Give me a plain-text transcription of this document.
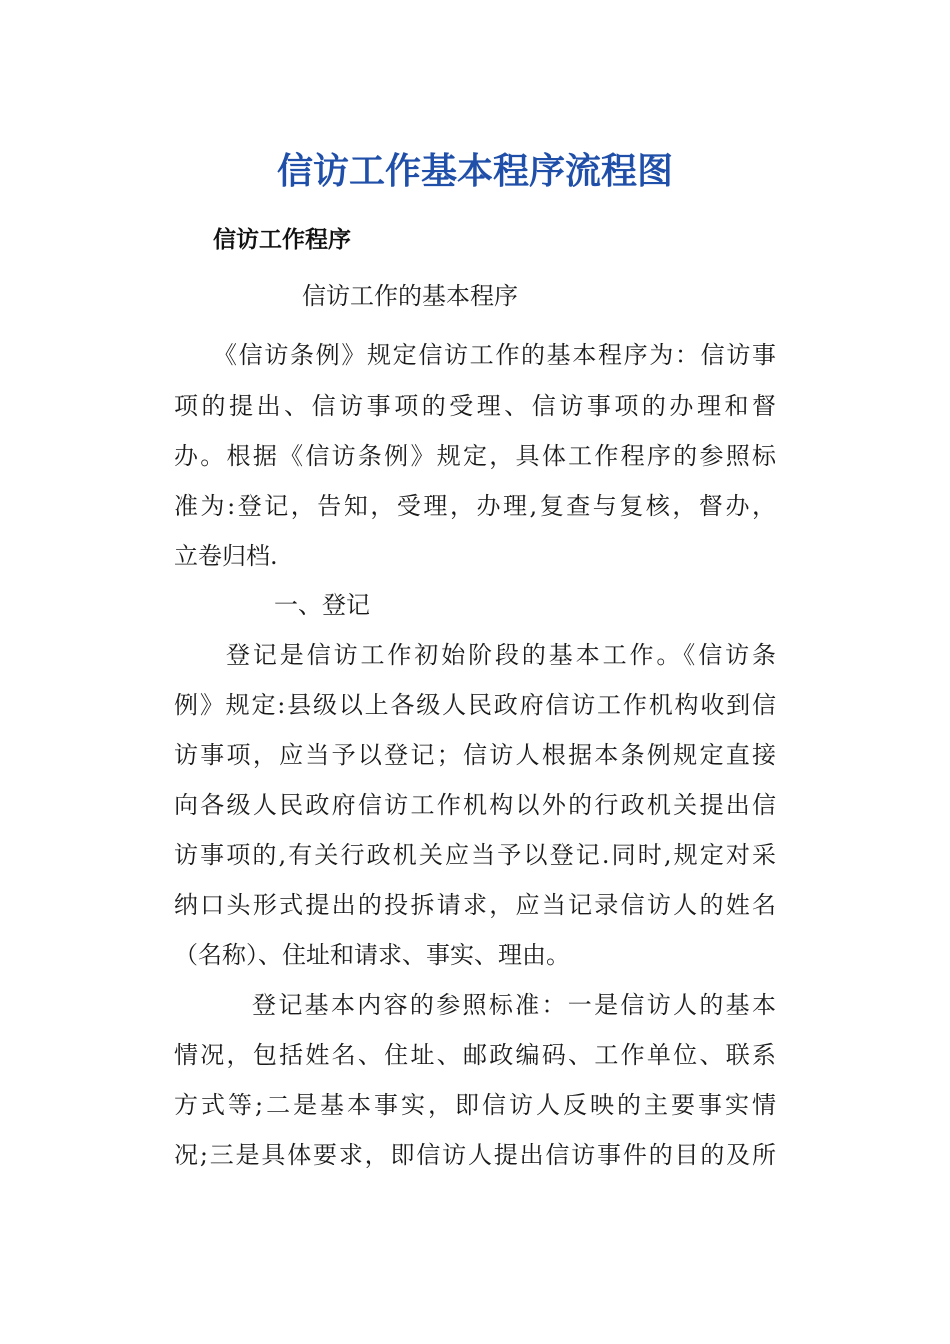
信访工作基本程序流程图
信访工作程序

信访工作的基本程序

《信访条例》规定信访工作的基本程序为：信访事

项的提出、信访事项的受理、信访事项的办理和督

办。根据《信访条例》规定，具体工作程序的参照标

准为:登记，告知，受理，办理,复查与复核，督办，

立卷归档.

一、登记

登记是信访工作初始阶段的基本工作。《信访条

例》规定:县级以上各级人民政府信访工作机构收到信

访事项，应当予以登记；信访人根据本条例规定直接

向各级人民政府信访工作机构以外的行政机关提出信

访事项的,有关行政机关应当予以登记.同时,规定对采

纳口头形式提出的投拆请求，应当记录信访人的姓名

（名称）、住址和请求、事实、理由。

登记基本内容的参照标准：一是信访人的基本

情况，包括姓名、住址、邮政编码、工作单位、联系

方式等;二是基本事实，即信访人反映的主要事实情

况;三是具体要求，即信访人提出信访事件的目的及所
